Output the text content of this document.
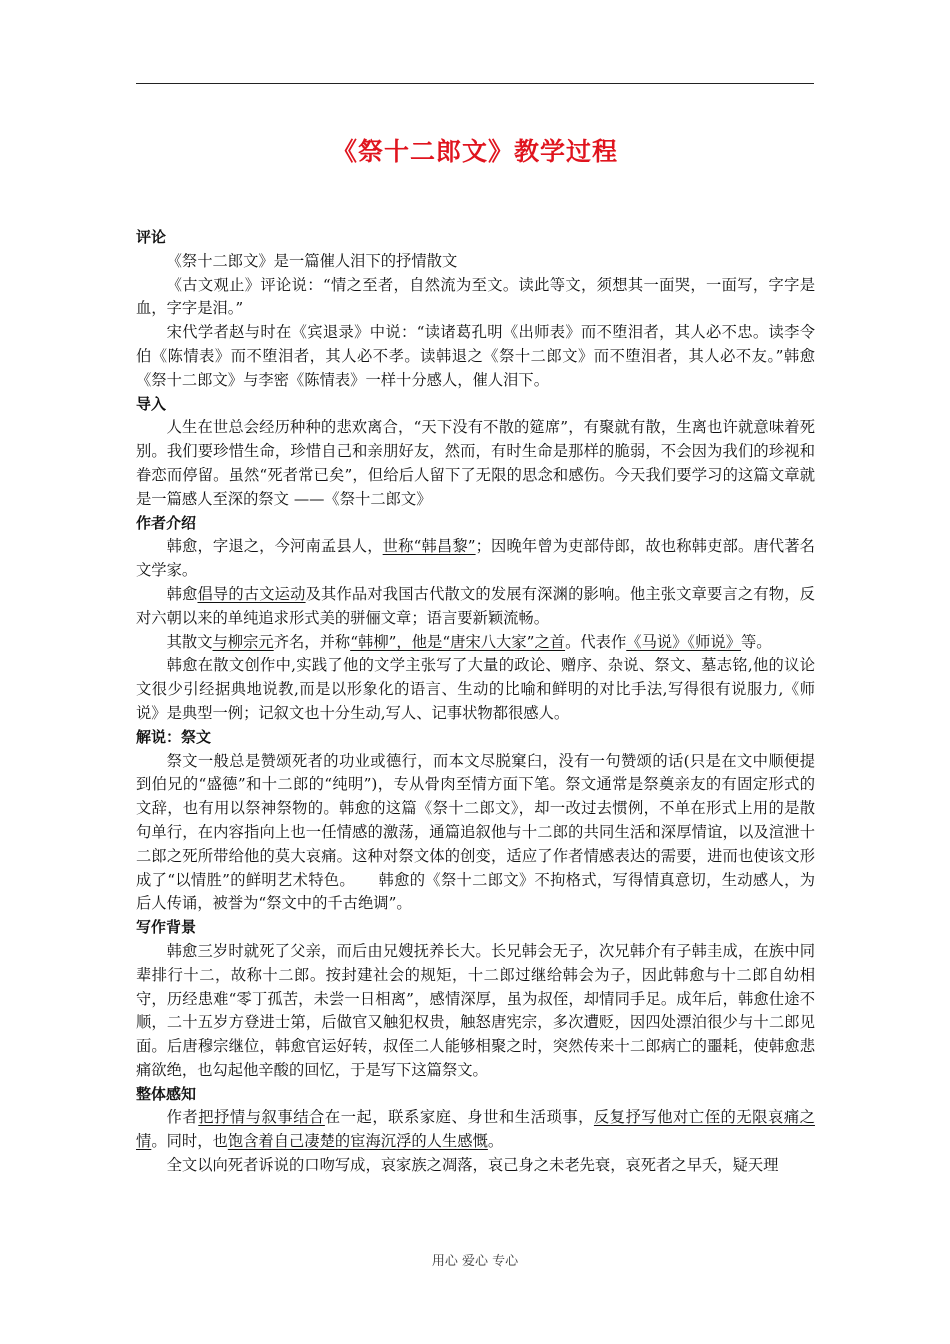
《祭十二郎文》教学过程
评论

《祭十二郎文》是一篇催人泪下的抒情散文

《古文观止》评论说：“情之至者，自然流为至文。读此等文，须想其一面哭，一面写，字字是血，字字是泪。”

宋代学者赵与时在《宾退录》中说：“读诸葛孔明《出师表》而不堕泪者，其人必不忠。读李令伯《陈情表》而不堕泪者，其人必不孝。读韩退之《祭十二郎文》而不堕泪者，其人必不友。”韩愈《祭十二郎文》与李密《陈情表》一样十分感人，催人泪下。

导入

人生在世总会经历种种的悲欢离合，“天下没有不散的筵席”，有聚就有散，生离也许就意味着死别。我们要珍惜生命，珍惜自己和亲朋好友，然而，有时生命是那样的脆弱，不会因为我们的珍视和眷恋而停留。虽然“死者常已矣”，但给后人留下了无限的思念和感伤。今天我们要学习的这篇文章就是一篇感人至深的祭文 ——《祭十二郎文》

作者介绍

韩愈，字退之，今河南孟县人，世称“韩昌黎”；因晚年曾为吏部侍郎，故也称韩吏部。唐代著名文学家。

韩愈倡导的古文运动及其作品对我国古代散文的发展有深渊的影响。他主张文章要言之有物，反对六朝以来的单纯追求形式美的骈俪文章；语言要新颖流畅。

其散文与柳宗元齐名，并称“韩柳”，他是“唐宋八大家”之首。代表作《马说》《师说》等。

韩愈在散文创作中,实践了他的文学主张写了大量的政论、赠序、杂说、祭文、墓志铭,他的议论文很少引经据典地说教,而是以形象化的语言、生动的比喻和鲜明的对比手法,写得很有说服力,《师说》是典型一例；记叙文也十分生动,写人、记事状物都很感人。

解说：祭文

祭文一般总是赞颂死者的功业或德行，而本文尽脱窠臼，没有一句赞颂的话(只是在文中顺便提到伯兄的“盛德”和十二郎的“纯明”)，专从骨肉至情方面下笔。祭文通常是祭奠亲友的有固定形式的文辞，也有用以祭神祭物的。韩愈的这篇《祭十二郎文》，却一改过去惯例，不单在形式上用的是散句单行，在内容指向上也一任情感的激荡，通篇追叙他与十二郎的共同生活和深厚情谊，以及渲泄十二郎之死所带给他的莫大哀痛。这种对祭文体的创变，适应了作者情感表达的需要，进而也使该文形成了“以情胜”的鲜明艺术特色。　　韩愈的《祭十二郎文》不拘格式，写得情真意切，生动感人，为后人传诵，被誉为“祭文中的千古绝调”。

写作背景

韩愈三岁时就死了父亲，而后由兄嫂抚养长大。长兄韩会无子，次兄韩介有子韩圭成，在族中同辈排行十二，故称十二郎。按封建社会的规矩，十二郎过继给韩会为子，因此韩愈与十二郎自幼相守，历经患难“零丁孤苦，未尝一日相离”，感情深厚，虽为叔侄，却情同手足。成年后，韩愈仕途不顺，二十五岁方登进士第，后做官又触犯权贵，触怒唐宪宗，多次遭贬，因四处漂泊很少与十二郎见面。后唐穆宗继位，韩愈官运好转，叔侄二人能够相聚之时，突然传来十二郎病亡的噩耗，使韩愈悲痛欲绝，也勾起他辛酸的回忆，于是写下这篇祭文。

整体感知

作者把抒情与叙事结合在一起，联系家庭、身世和生活琐事，反复抒写他对亡侄的无限哀痛之情。同时，也饱含着自己凄楚的宦海沉浮的人生感慨。

全文以向死者诉说的口吻写成，哀家族之凋落，哀己身之未老先衰，哀死者之早夭，疑天理

用心 爱心 专心
